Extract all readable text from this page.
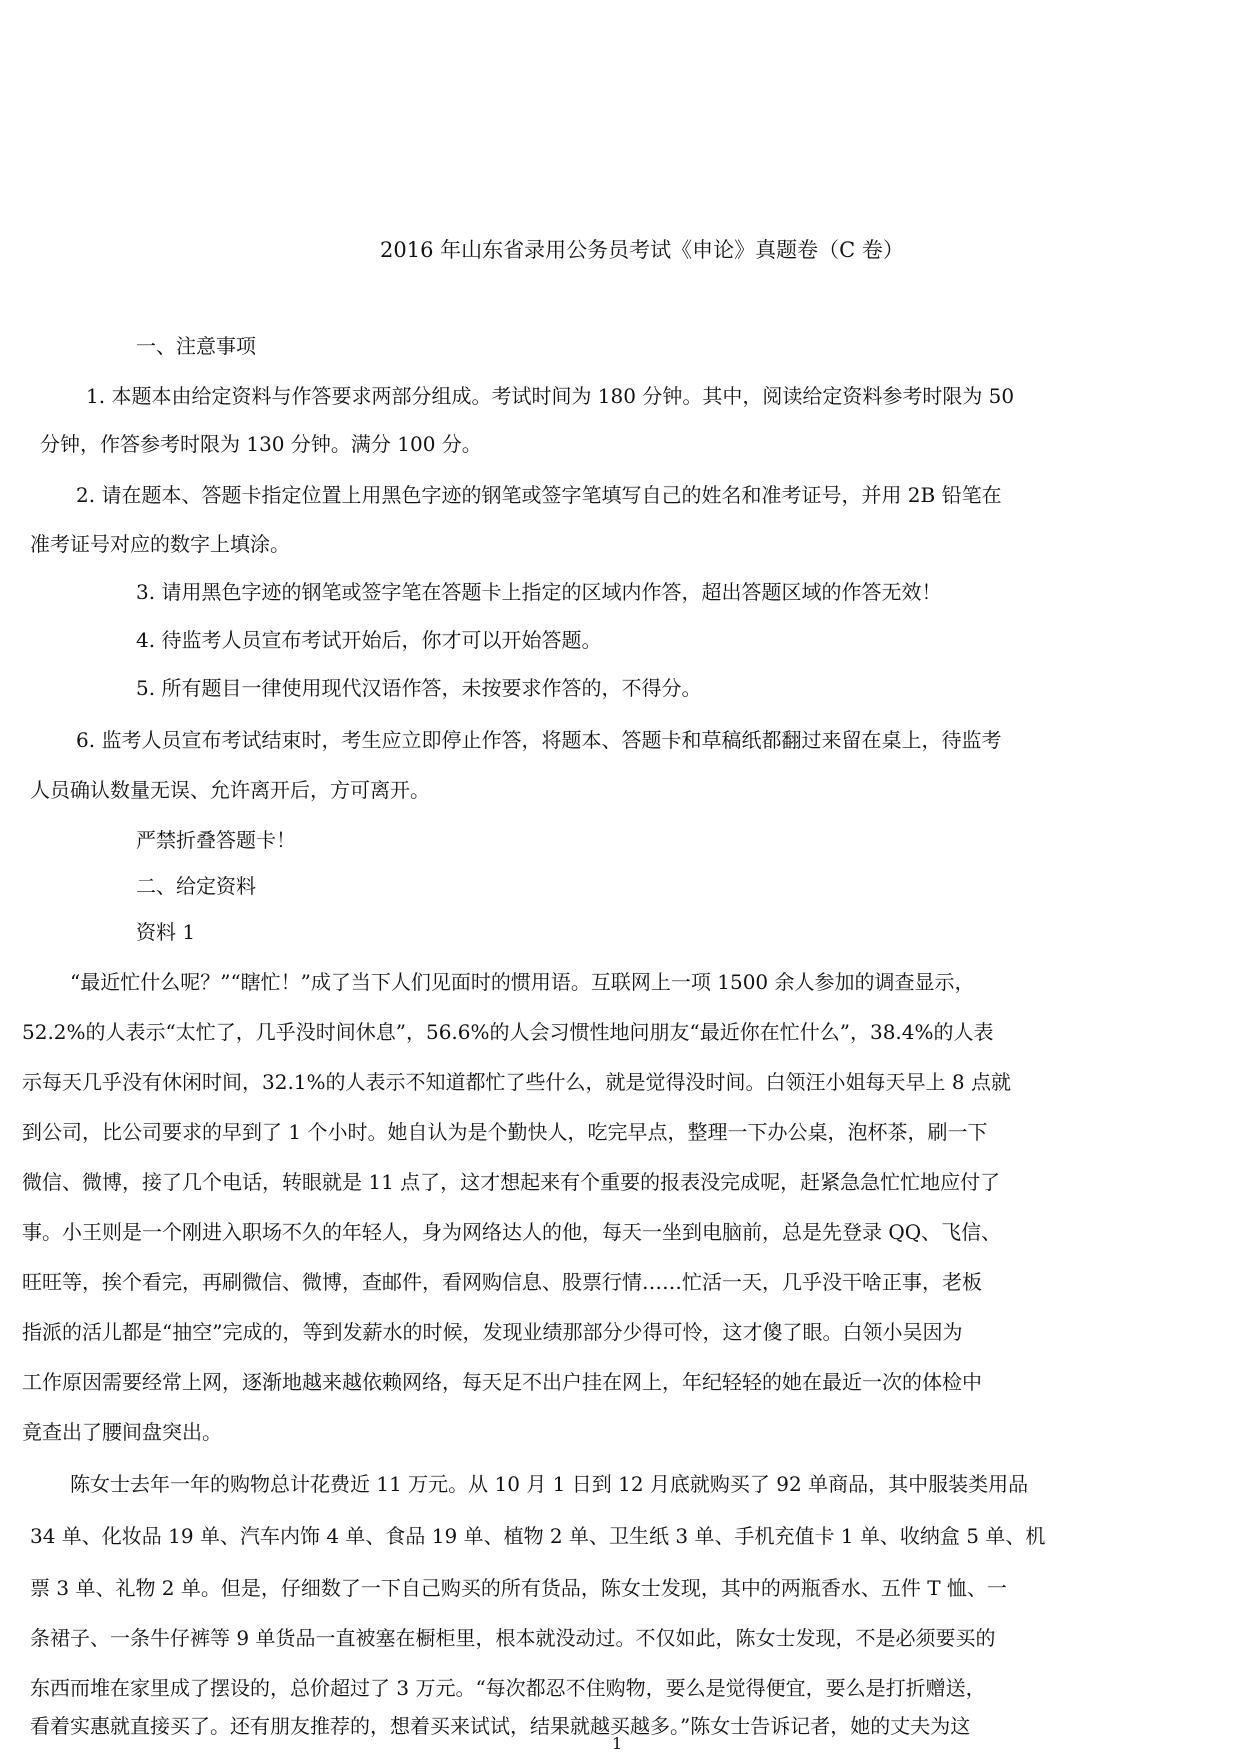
2016 年山东省录用公务员考试《申论》真题卷（C 卷）

一、注意事项

1. 本题本由给定资料与作答要求两部分组成。考试时间为 180 分钟。其中，阅读给定资料参考时限为 50

分钟，作答参考时限为 130 分钟。满分 100 分。

2. 请在题本、答题卡指定位置上用黑色字迹的钢笔或签字笔填写自己的姓名和准考证号，并用 2B 铅笔在

准考证号对应的数字上填涂。

3. 请用黑色字迹的钢笔或签字笔在答题卡上指定的区域内作答，超出答题区域的作答无效！

4. 待监考人员宣布考试开始后，你才可以开始答题。

5. 所有题目一律使用现代汉语作答，未按要求作答的，不得分。

6. 监考人员宣布考试结束时，考生应立即停止作答，将题本、答题卡和草稿纸都翻过来留在桌上，待监考

人员确认数量无误、允许离开后，方可离开。

严禁折叠答题卡！

二、给定资料

资料 1

“最近忙什么呢？”“瞎忙！”成了当下人们见面时的惯用语。互联网上一项 1500 余人参加的调查显示，

52.2%的人表示“太忙了，几乎没时间休息”，56.6%的人会习惯性地问朋友“最近你在忙什么”，38.4%的人表

示每天几乎没有休闲时间，32.1%的人表示不知道都忙了些什么，就是觉得没时间。白领汪小姐每天早上 8 点就

到公司，比公司要求的早到了 1 个小时。她自认为是个勤快人，吃完早点，整理一下办公桌，泡杯茶，刷一下

微信、微博，接了几个电话，转眼就是 11 点了，这才想起来有个重要的报表没完成呢，赶紧急急忙忙地应付了

事。小王则是一个刚进入职场不久的年轻人，身为网络达人的他，每天一坐到电脑前，总是先登录 QQ、飞信、

旺旺等，挨个看完，再刷微信、微博，查邮件，看网购信息、股票行情……忙活一天，几乎没干啥正事，老板

指派的活儿都是“抽空”完成的，等到发薪水的时候，发现业绩那部分少得可怜，这才傻了眼。白领小吴因为

工作原因需要经常上网，逐渐地越来越依赖网络，每天足不出户挂在网上，年纪轻轻的她在最近一次的体检中

竟查出了腰间盘突出。

陈女士去年一年的购物总计花费近 11 万元。从 10 月 1 日到 12 月底就购买了 92 单商品，其中服装类用品

34 单、化妆品 19 单、汽车内饰 4 单、食品 19 单、植物 2 单、卫生纸 3 单、手机充值卡 1 单、收纳盒 5 单、机

票 3 单、礼物 2 单。但是，仔细数了一下自己购买的所有货品，陈女士发现，其中的两瓶香水、五件 T 恤、一

条裙子、一条牛仔裤等 9 单货品一直被塞在橱柜里，根本就没动过。不仅如此，陈女士发现，不是必须要买的

东西而堆在家里成了摆设的，总价超过了 3 万元。“每次都忍不住购物，要么是觉得便宜，要么是打折赠送，

看着实惠就直接买了。还有朋友推荐的，想着买来试试，结果就越买越多。”陈女士告诉记者，她的丈夫为这

1
